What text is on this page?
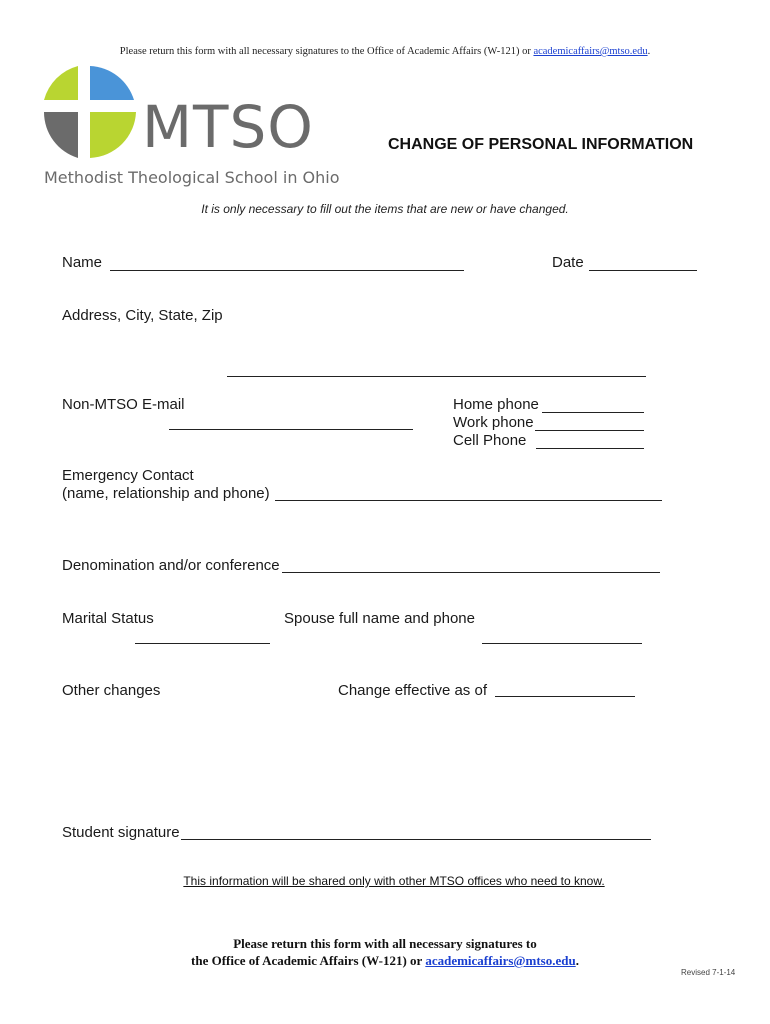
Please return this form with all necessary signatures to the Office of Academic Affairs (W-121) or academicaffairs@mtso.edu.
MTSO
Methodist Theological School in Ohio
CHANGE OF PERSONAL INFORMATION
It is only necessary to fill out the items that are new or have changed.
Name	Date
Address, City, State, Zip
Non-MTSO E-mail	Home phone
Work phone
Cell Phone
Emergency Contact
(name, relationship and phone)
Denomination and/or conference
Marital Status	Spouse full name and phone
Other changes	Change effective as of
Student signature
This information will be shared only with other MTSO offices who need to know.
Please return this form with all necessary signatures to
the Office of Academic Affairs (W-121) or academicaffairs@mtso.edu.
Revised 7-1-14
